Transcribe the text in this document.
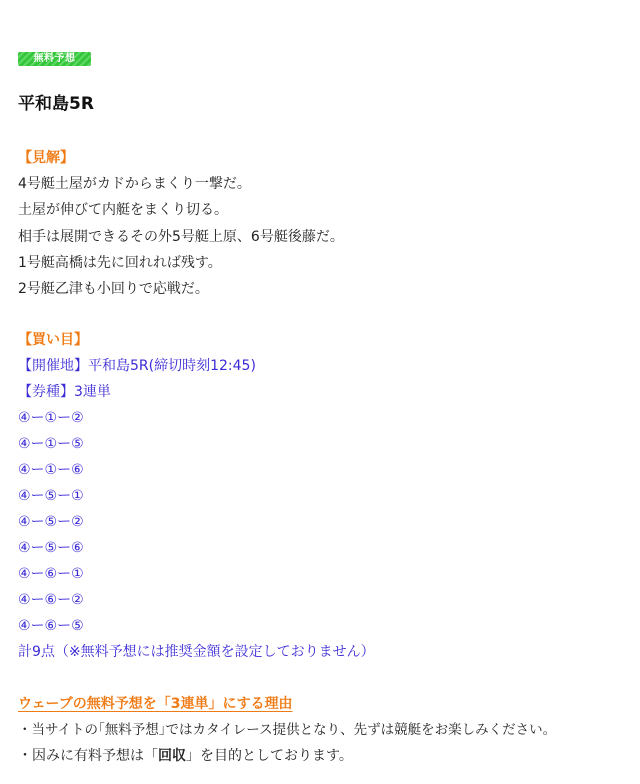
無料予想
平和島5R
【見解】
4号艇土屋がカドからまくり一撃だ。
土屋が伸びて内艇をまくり切る。
相手は展開できるその外5号艇上原、6号艇後藤だ。
1号艇高橋は先に回れれば残す。
2号艇乙津も小回りで応戦だ。
【買い目】
【開催地】平和島5R(締切時刻12:45)
【券種】3連単
④ー①ー②
④ー①ー⑤
④ー①ー⑥
④ー⑤ー①
④ー⑤ー②
④ー⑤ー⑥
④ー⑥ー①
④ー⑥ー②
④ー⑥ー⑤
計9点（※無料予想には推奨金額を設定しておりません）
ウェーブの無料予想を「3連単」にする理由
・当サイトの｢無料予想｣ではカタイレース提供となり、先ずは競艇をお楽しみください。
・因みに有料予想は「回収」を目的としております。
